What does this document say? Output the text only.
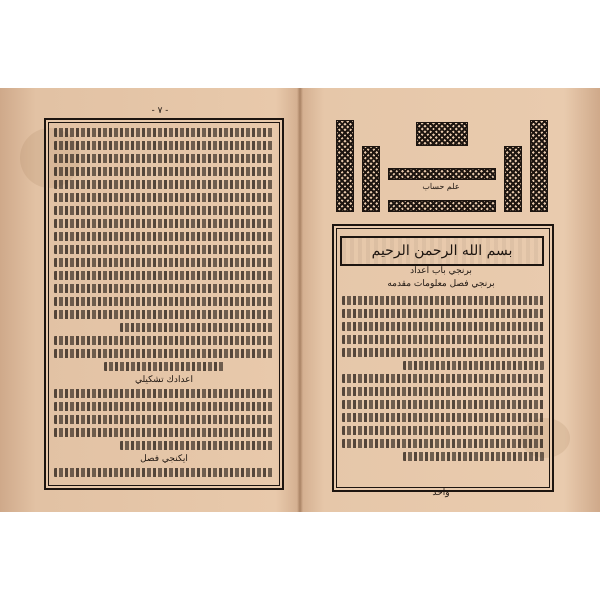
- ٧ -
اعدادك تشكيلي
ایکنجي فصل
علم حساب
بسم الله الرحمن الرحيم
برنجي باب اعداد
برنجي فصل معلومات مقدمه
واحد
